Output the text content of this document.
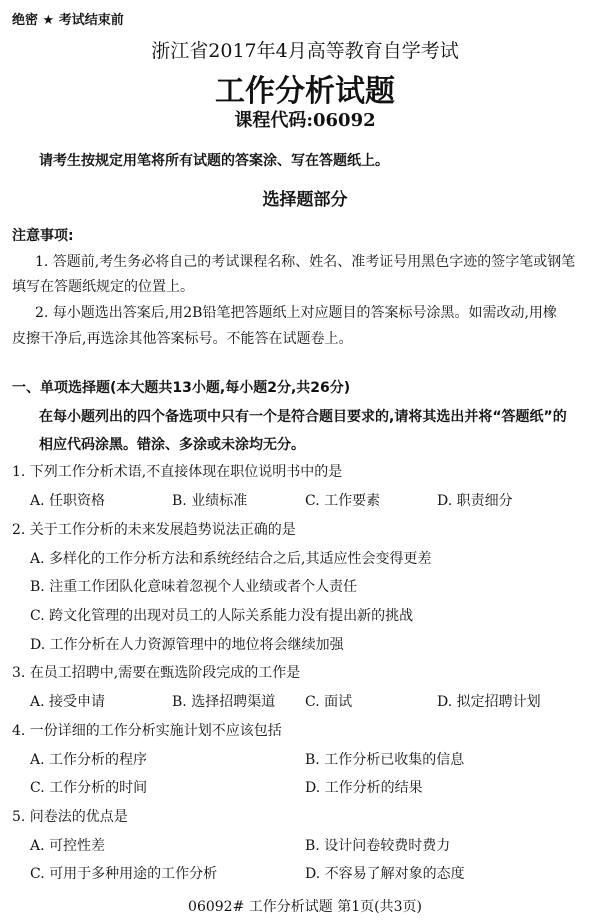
绝密 ★ 考试结束前
浙江省2017年4月高等教育自学考试
工作分析试题
课程代码:06092
请考生按规定用笔将所有试题的答案涂、写在答题纸上。
选择题部分
注意事项:
1. 答题前,考生务必将自己的考试课程名称、姓名、准考证号用黑色字迹的签字笔或钢笔
填写在答题纸规定的位置上。
2. 每小题选出答案后,用2B铅笔把答题纸上对应题目的答案标号涂黑。如需改动,用橡
皮擦干净后,再选涂其他答案标号。不能答在试题卷上。
一、单项选择题(本大题共13小题,每小题2分,共26分)
在每小题列出的四个备选项中只有一个是符合题目要求的,请将其选出并将“答题纸”的
相应代码涂黑。错涂、多涂或未涂均无分。
1. 下列工作分析术语,不直接体现在职位说明书中的是
A. 任职资格	B. 业绩标准	C. 工作要素	D. 职责细分
2. 关于工作分析的未来发展趋势说法正确的是
A. 多样化的工作分析方法和系统经结合之后,其适应性会变得更差
B. 注重工作团队化意味着忽视个人业绩或者个人责任
C. 跨文化管理的出现对员工的人际关系能力没有提出新的挑战
D. 工作分析在人力资源管理中的地位将会继续加强
3. 在员工招聘中,需要在甄选阶段完成的工作是
A. 接受申请	B. 选择招聘渠道 C. 面试	D. 拟定招聘计划
4. 一份详细的工作分析实施计划不应该包括
A. 工作分析的程序	B. 工作分析已收集的信息
C. 工作分析的时间	D. 工作分析的结果
5. 问卷法的优点是
A. 可控性差	B. 设计问卷较费时费力
C. 可用于多种用途的工作分析	D. 不容易了解对象的态度
06092# 工作分析试题 第1页(共3页)
